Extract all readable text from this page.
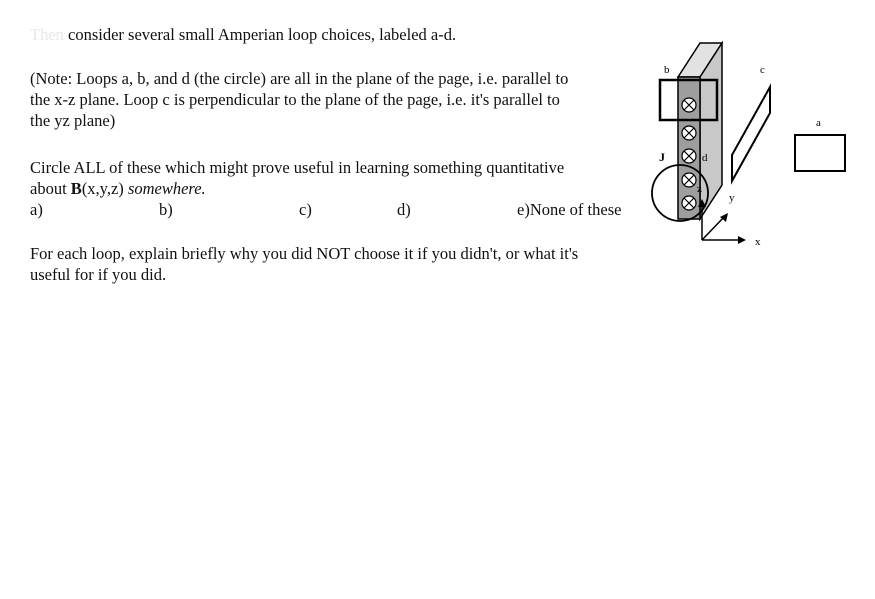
Then consider several small Amperian loop choices, labeled a-d.
(Note: Loops a, b, and d (the circle) are all in the plane of the page, i.e. parallel to
the x-z plane. Loop c is perpendicular to the plane of the page, i.e. it's parallel to
the yz plane)
Circle ALL of these which might prove useful in learning something quantitative
about B(x,y,z) somewhere.
a)	b)	c)	d)	e)None of these
For each loop, explain briefly why you did NOT choose it if you didn't, or what it's
useful for if you did.
b	c
a
d
J
x
y
z
